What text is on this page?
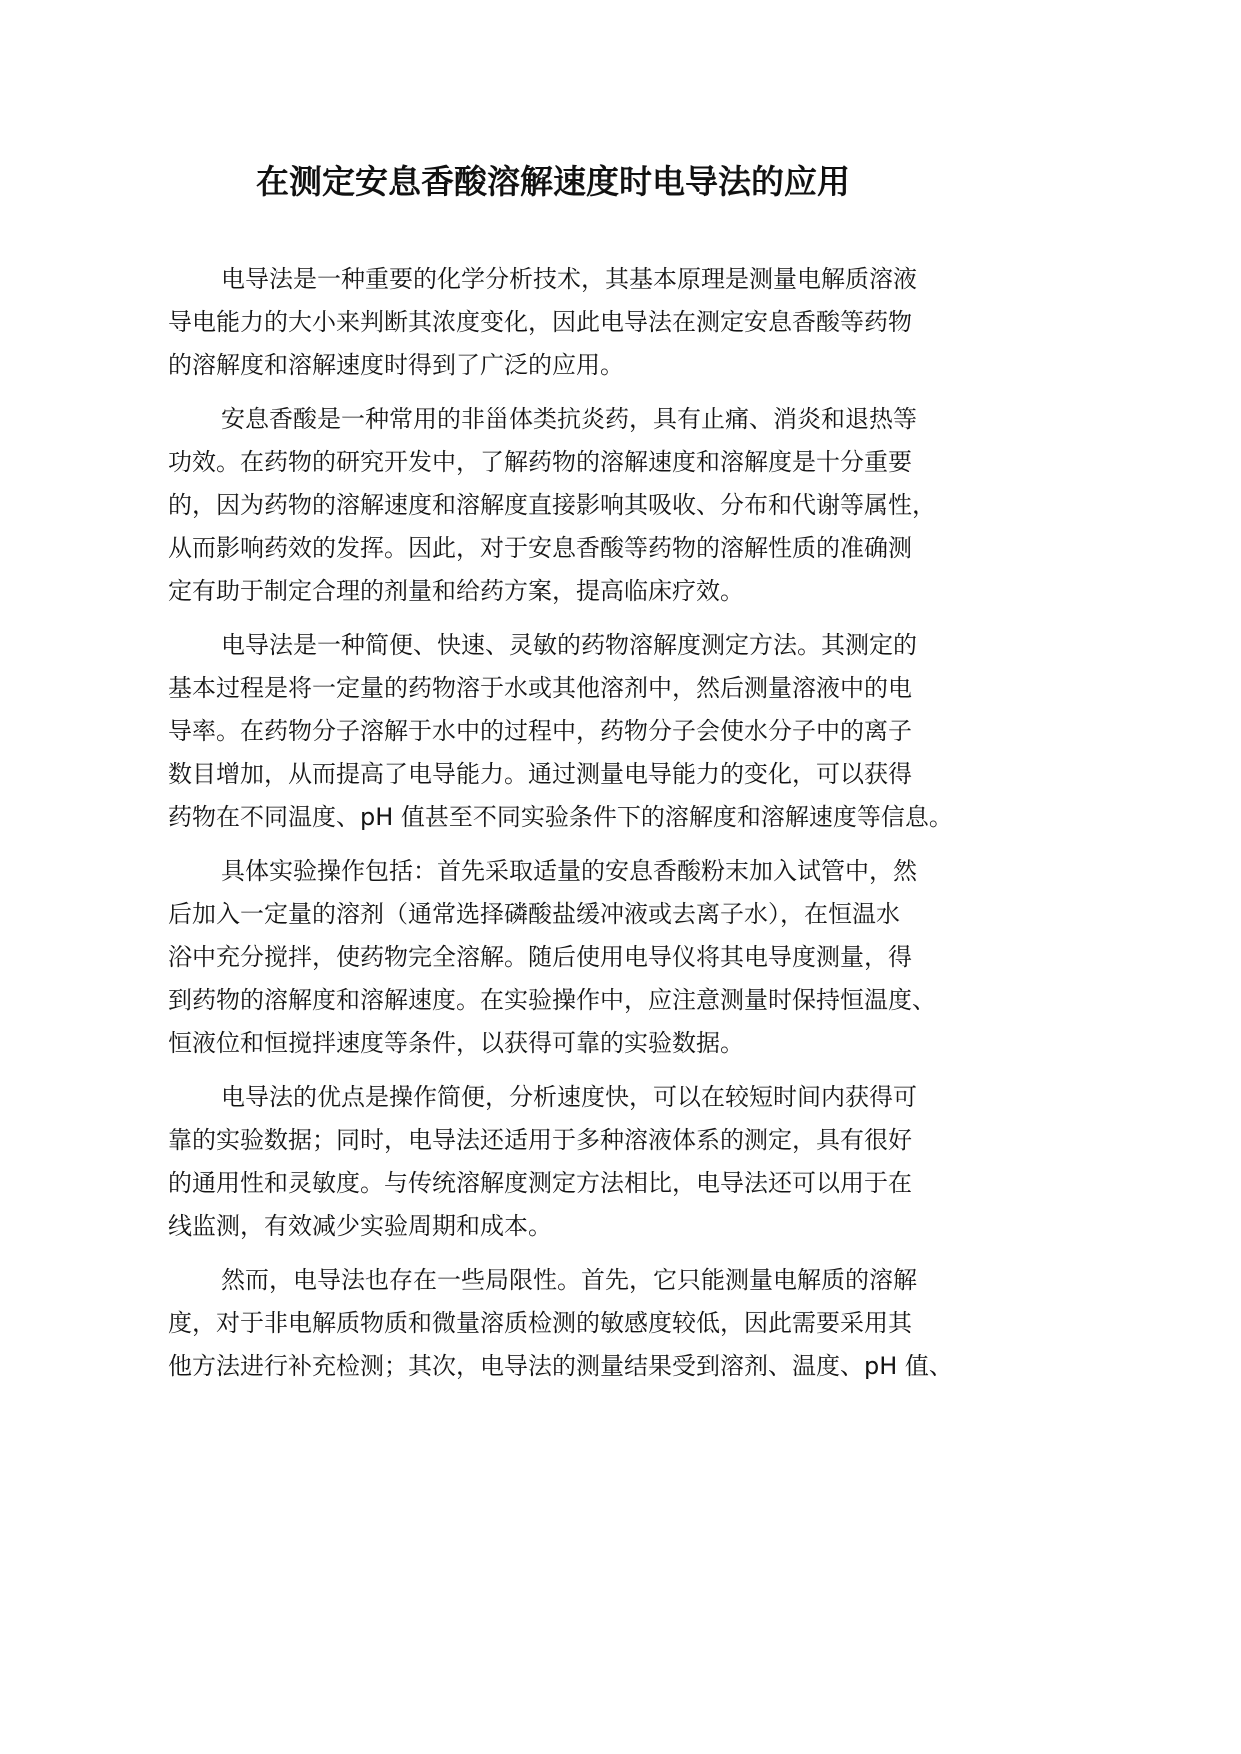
在测定安息香酸溶解速度时电导法的应用
电导法是一种重要的化学分析技术，其基本原理是测量电解质溶液
导电能力的大小来判断其浓度变化，因此电导法在测定安息香酸等药物
的溶解度和溶解速度时得到了广泛的应用。
安息香酸是一种常用的非甾体类抗炎药，具有止痛、消炎和退热等
功效。在药物的研究开发中，了解药物的溶解速度和溶解度是十分重要
的，因为药物的溶解速度和溶解度直接影响其吸收、分布和代谢等属性，
从而影响药效的发挥。因此，对于安息香酸等药物的溶解性质的准确测
定有助于制定合理的剂量和给药方案，提高临床疗效。
电导法是一种简便、快速、灵敏的药物溶解度测定方法。其测定的
基本过程是将一定量的药物溶于水或其他溶剂中，然后测量溶液中的电
导率。在药物分子溶解于水中的过程中，药物分子会使水分子中的离子
数目增加，从而提高了电导能力。通过测量电导能力的变化，可以获得
药物在不同温度、pH 值甚至不同实验条件下的溶解度和溶解速度等信息。
具体实验操作包括：首先采取适量的安息香酸粉末加入试管中，然
后加入一定量的溶剂（通常选择磷酸盐缓冲液或去离子水），在恒温水
浴中充分搅拌，使药物完全溶解。随后使用电导仪将其电导度测量，得
到药物的溶解度和溶解速度。在实验操作中，应注意测量时保持恒温度、
恒液位和恒搅拌速度等条件，以获得可靠的实验数据。
电导法的优点是操作简便，分析速度快，可以在较短时间内获得可
靠的实验数据；同时，电导法还适用于多种溶液体系的测定，具有很好
的通用性和灵敏度。与传统溶解度测定方法相比，电导法还可以用于在
线监测，有效减少实验周期和成本。
然而，电导法也存在一些局限性。首先，它只能测量电解质的溶解
度，对于非电解质物质和微量溶质检测的敏感度较低，因此需要采用其
他方法进行补充检测；其次，电导法的测量结果受到溶剂、温度、pH 值、
